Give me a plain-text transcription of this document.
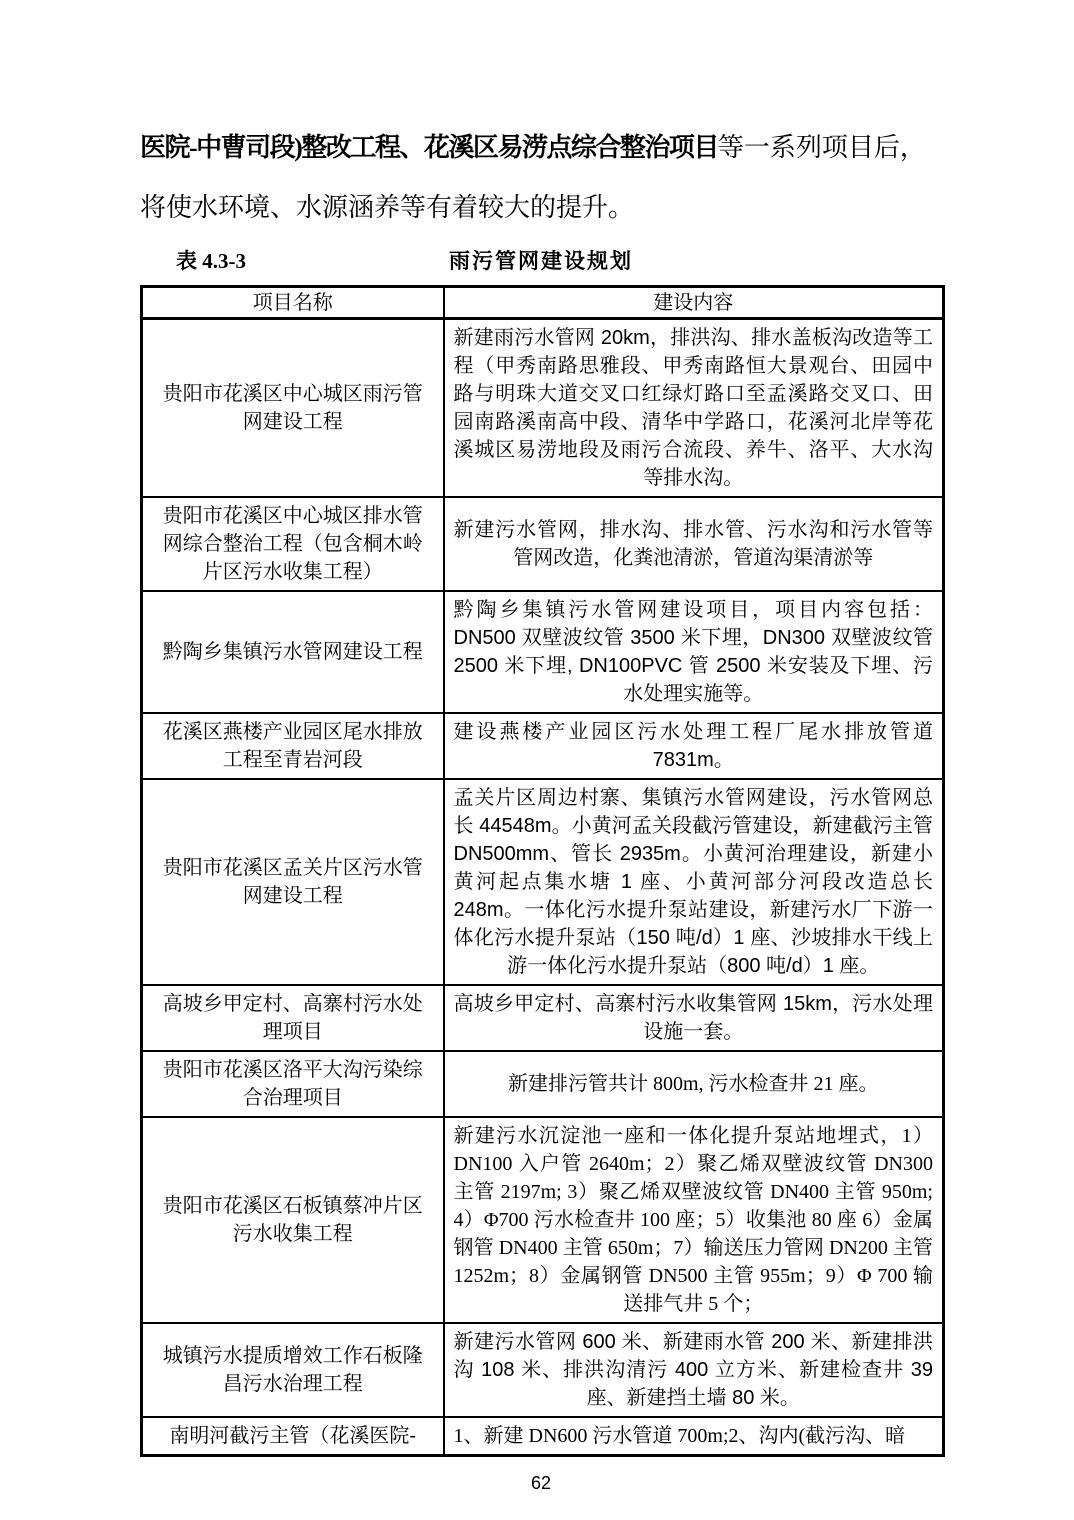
医院-中曹司段)整改工程、花溪区易涝点综合整治项目等一系列项目后，
将使水环境、水源涵养等有着较大的提升。
表 4.3-3	雨污管网建设规划
项目名称	建设内容
贵阳市花溪区中心城区雨污管网建设工程	新建雨污水管网 20km，排洪沟、排水盖板沟改造等工程（甲秀南路思雅段、甲秀南路恒大景观台、田园中路与明珠大道交叉口红绿灯路口至孟溪路交叉口、田园南路溪南高中段、清华中学路口，花溪河北岸等花溪城区易涝地段及雨污合流段、养牛、洛平、大水沟等排水沟。
贵阳市花溪区中心城区排水管网综合整治工程（包含桐木岭片区污水收集工程）	新建污水管网，排水沟、排水管、污水沟和污水管等管网改造，化粪池清淤，管道沟渠清淤等
黔陶乡集镇污水管网建设工程	黔陶乡集镇污水管网建设项目，项目内容包括：DN500 双壁波纹管 3500 米下埋，DN300 双壁波纹管 2500 米下埋, DN100PVC 管 2500 米安装及下埋、污水处理实施等。
花溪区燕楼产业园区尾水排放工程至青岩河段	建设燕楼产业园区污水处理工程厂尾水排放管道 7831m。
贵阳市花溪区孟关片区污水管网建设工程	孟关片区周边村寨、集镇污水管网建设，污水管网总长 44548m。小黄河孟关段截污管建设，新建截污主管 DN500mm、管长 2935m。小黄河治理建设，新建小黄河起点集水塘 1 座、小黄河部分河段改造总长 248m。一体化污水提升泵站建设，新建污水厂下游一体化污水提升泵站（150 吨/d）1 座、沙坡排水干线上游一体化污水提升泵站（800 吨/d）1 座。
高坡乡甲定村、高寨村污水处理项目	高坡乡甲定村、高寨村污水收集管网 15km，污水处理设施一套。
贵阳市花溪区洛平大沟污染综合治理项目	新建排污管共计 800m, 污水检查井 21 座。
贵阳市花溪区石板镇蔡冲片区污水收集工程	新建污水沉淀池一座和一体化提升泵站地埋式，1）DN100 入户管 2640m；2）聚乙烯双壁波纹管 DN300 主管 2197m; 3）聚乙烯双壁波纹管 DN400 主管 950m; 4）Φ700 污水检查井 100 座；5）收集池 80 座 6）金属钢管 DN400 主管 650m；7）输送压力管网 DN200 主管 1252m；8）金属钢管 DN500 主管 955m；9）Φ 700 输送排气井 5 个；
城镇污水提质增效工作石板隆昌污水治理工程	新建污水管网 600 米、新建雨水管 200 米、新建排洪沟 108 米、排洪沟清污 400 立方米、新建检查井 39 座、新建挡土墙 80 米。
南明河截污主管（花溪医院-	1、新建 DN600 污水管道 700m;2、沟内(截污沟、暗
62
